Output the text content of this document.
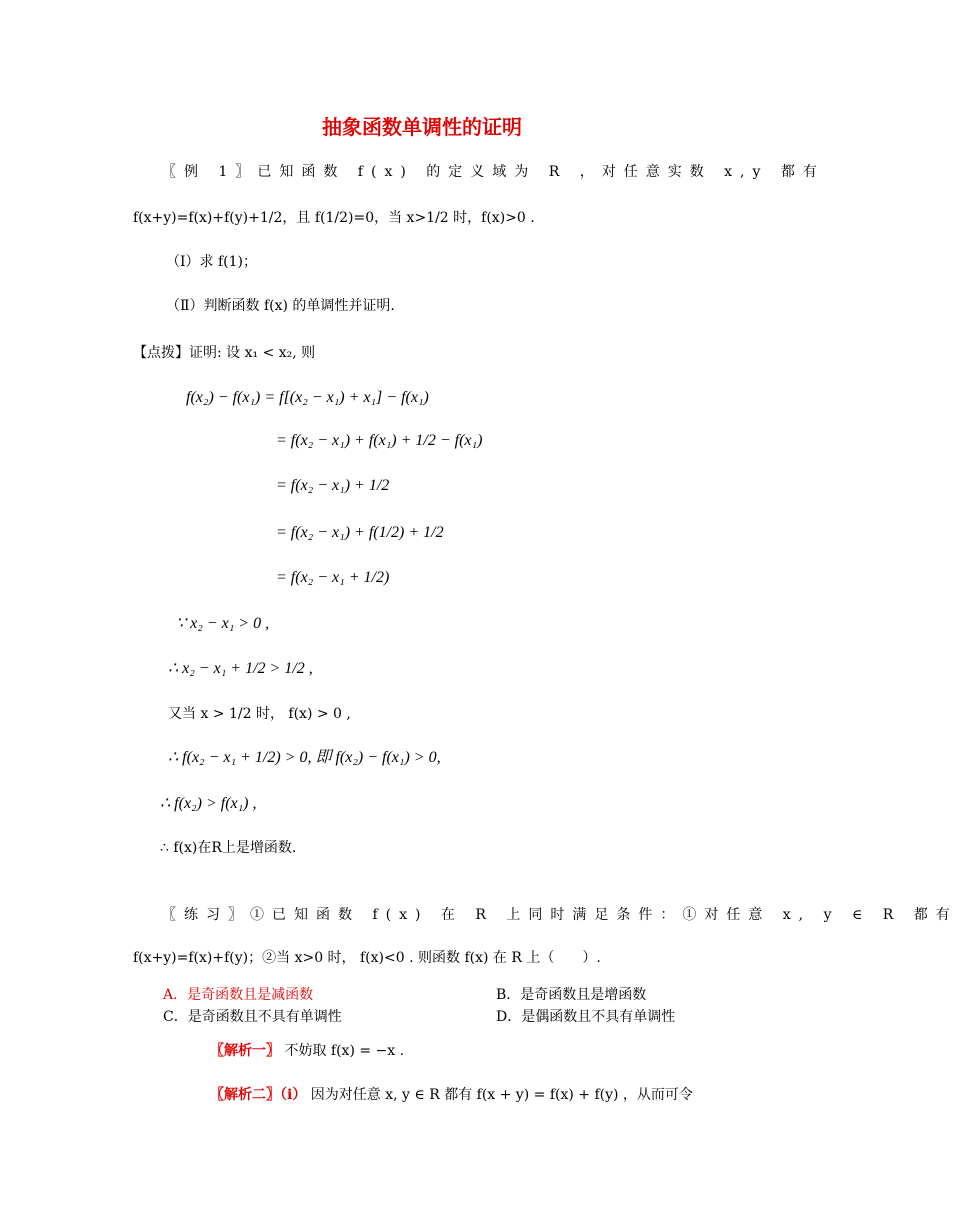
抽象函数单调性的证明
〖例 1〗已知函数 f(x) 的定义域为 R ，对任意实数 x,y 都有
f(x+y)=f(x)+f(y)+1/2，且 f(1/2)=0，当 x>1/2 时，f(x)>0 .
（Ⅰ）求 f(1)；
（Ⅱ）判断函数 f(x) 的单调性并证明.
【点拨】证明: 设 x₁ < x₂, 则
f(x₂) − f(x₁) = f[(x₂ − x₁) + x₁] − f(x₁)
= f(x₂ − x₁) + f(x₁) + 1/2 − f(x₁)
= f(x₂ − x₁) + 1/2
= f(x₂ − x₁) + f(1/2) + 1/2
= f(x₂ − x₁ + 1/2)
∵ x₂ − x₁ > 0 ,
∴ x₂ − x₁ + 1/2 > 1/2 ,
又当 x > 1/2 时， f(x) > 0 ,
∴ f(x₂ − x₁ + 1/2) > 0, 即 f(x₂) − f(x₁) > 0,
∴ f(x₂) > f(x₁) ,
∴ f(x)在R上是增函数.
〖练习〗①已知函数 f(x) 在 R 上同时满足条件：①对任意 x, y ∈ R 都有
f(x+y)=f(x)+f(y)；②当 x>0 时， f(x)<0 . 则函数 f(x) 在 R 上（　　）.
A．是奇函数且是减函数	B．是奇函数且是增函数
C．是奇函数且不具有单调性	D．是偶函数且不具有单调性
〖解析一〗 不妨取 f(x) = −x .
〖解析二〗（ⅰ） 因为对任意 x, y ∈ R 都有 f(x + y) = f(x) + f(y) ，从而可令
